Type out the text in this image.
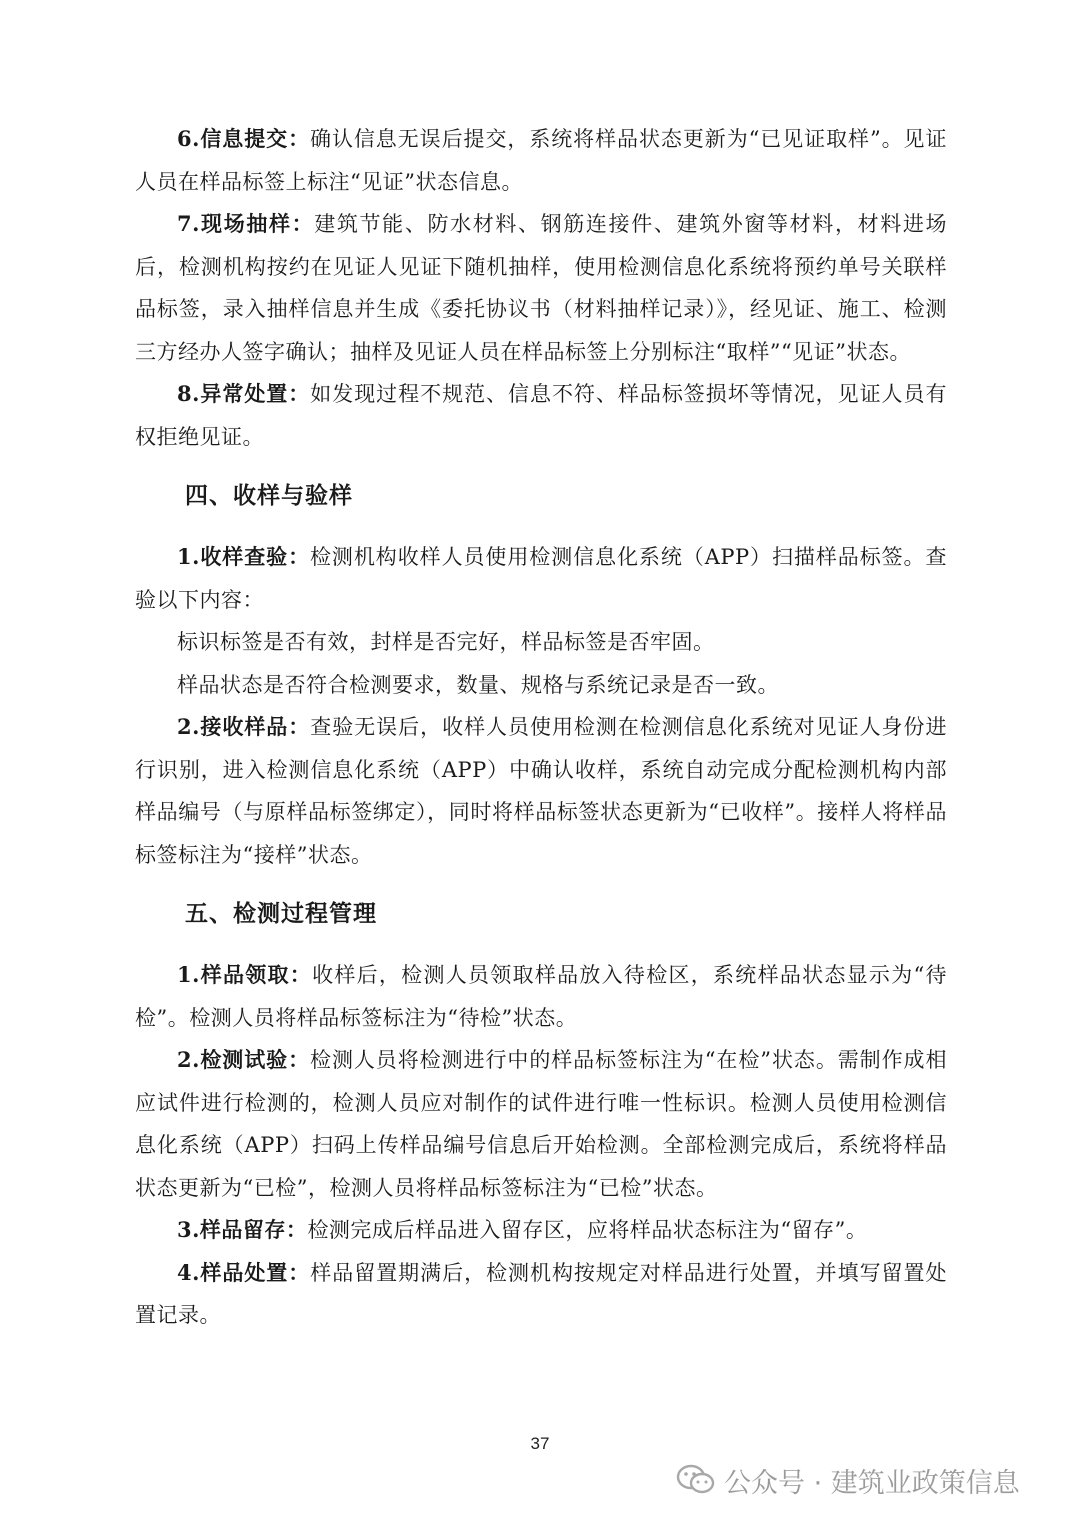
6.信息提交：确认信息无误后提交，系统将样品状态更新为“已见证取样”。见证人员在样品标签上标注“见证”状态信息。

7.现场抽样：建筑节能、防水材料、钢筋连接件、建筑外窗等材料，材料进场后，检测机构按约在见证人见证下随机抽样，使用检测信息化系统将预约单号关联样品标签，录入抽样信息并生成《委托协议书（材料抽样记录）》，经见证、施工、检测三方经办人签字确认；抽样及见证人员在样品标签上分别标注“取样”“见证”状态。

8.异常处置：如发现过程不规范、信息不符、样品标签损坏等情况，见证人员有权拒绝见证。

四、收样与验样

1.收样查验：检测机构收样人员使用检测信息化系统（APP）扫描样品标签。查验以下内容：

标识标签是否有效，封样是否完好，样品标签是否牢固。

样品状态是否符合检测要求，数量、规格与系统记录是否一致。

2.接收样品：查验无误后，收样人员使用检测在检测信息化系统对见证人身份进行识别，进入检测信息化系统（APP）中确认收样，系统自动完成分配检测机构内部样品编号（与原样品标签绑定），同时将样品标签状态更新为“已收样”。接样人将样品标签标注为“接样”状态。

五、检测过程管理

1.样品领取：收样后，检测人员领取样品放入待检区，系统样品状态显示为“待检”。检测人员将样品标签标注为“待检”状态。

2.检测试验：检测人员将检测进行中的样品标签标注为“在检”状态。需制作成相应试件进行检测的，检测人员应对制作的试件进行唯一性标识。检测人员使用检测信息化系统（APP）扫码上传样品编号信息后开始检测。全部检测完成后，系统将样品状态更新为“已检”，检测人员将样品标签标注为“已检”状态。

3.样品留存：检测完成后样品进入留存区，应将样品状态标注为“留存”。

4.样品处置：样品留置期满后，检测机构按规定对样品进行处置，并填写留置处置记录。

37
公众号 · 建筑业政策信息
